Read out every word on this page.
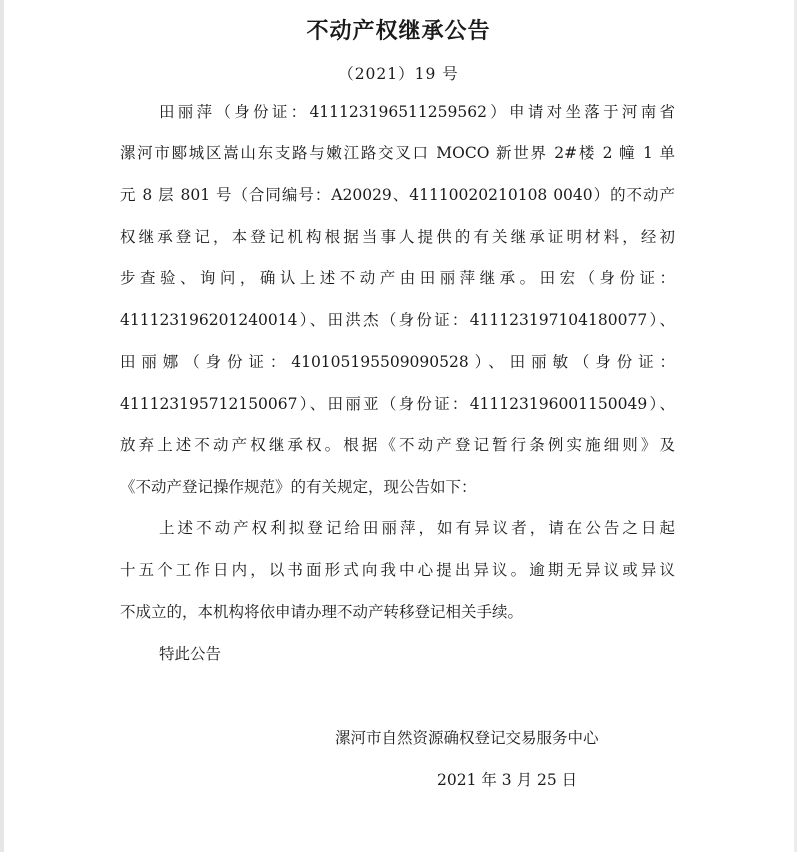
不动产权继承公告
（2021）19 号
田丽萍（身份证：411123196511259562）申请对坐落于河南省
漯河市郾城区嵩山东支路与嫩江路交叉口 MOCO 新世界 2#楼 2 幢 1 单
元 8 层 801 号（合同编号：A20029、41110020210108 0040）的不动产
权继承登记，本登记机构根据当事人提供的有关继承证明材料，经初
步查验、询问，确认上述不动产由田丽萍继承。田宏（身份证：
411123196201240014）、田洪杰（身份证：411123197104180077）、
田丽娜（身份证：410105195509090528）、田丽敏（身份证：
411123195712150067）、田丽亚（身份证：411123196001150049）、
放弃上述不动产权继承权。根据《不动产登记暂行条例实施细则》及
《不动产登记操作规范》的有关规定，现公告如下：
上述不动产权利拟登记给田丽萍，如有异议者，请在公告之日起
十五个工作日内，以书面形式向我中心提出异议。逾期无异议或异议
不成立的，本机构将依申请办理不动产转移登记相关手续。
特此公告
漯河市自然资源确权登记交易服务中心
2021 年 3 月 25 日
